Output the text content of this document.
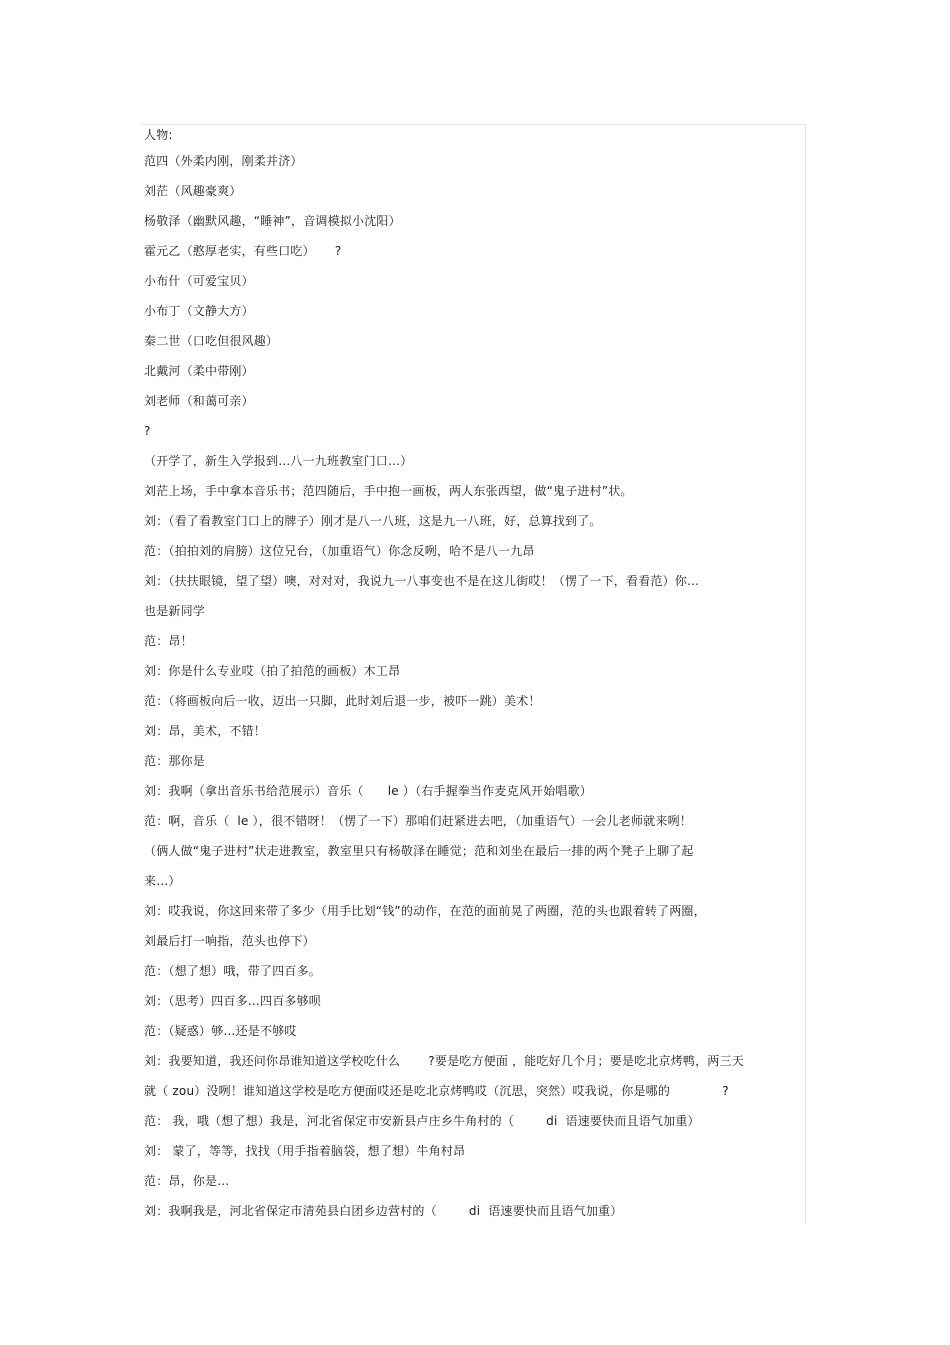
人物:
范四（外柔内刚，刚柔并济）
刘茫（风趣豪爽）
杨敬泽（幽默风趣，“睡神”，音调模拟小沈阳）
霍元乙（憨厚老实，有些口吃）     ?
小布什（可爱宝贝）
小布丁（文静大方）
秦二世（口吃但很风趣）
北戴河（柔中带刚）
刘老师（和蔼可亲）
?
（开学了，新生入学报到…八一九班教室门口…）
刘茫上场，手中拿本音乐书；范四随后，手中抱一画板，两人东张西望，做“鬼子进村”状。
刘：（看了看教室门口上的牌子）刚才是八一八班，这是九一八班，好，总算找到了。
范：（拍拍刘的肩膀）这位兄台，（加重语气）你念反咧，哈不是八一九昂
刘：（扶扶眼镜，望了望）噢，对对对，我说九一八事变也不是在这儿街哎！（愣了一下，看看范）你…
也是新同学
范：昂！
刘：你是什么专业哎（拍了拍范的画板）木工昂
范：（将画板向后一收，迈出一只脚，此时刘后退一步，被吓一跳）美术！
刘：昂，美术，不错！
范：那你是
刘：我啊（拿出音乐书给范展示）音乐（      le ）（右手握拳当作麦克风开始唱歌）
范：啊，音乐（  le ），很不错呀！（愣了一下）那咱们赶紧进去吧，（加重语气）一会儿老师就来咧！
（俩人做“鬼子进村”状走进教室，教室里只有杨敬泽在睡觉；范和刘坐在最后一排的两个凳子上聊了起
来…）
刘：哎我说，你这回来带了多少（用手比划“钱”的动作，在范的面前晃了两圈，范的头也跟着转了两圈，
刘最后打一响指，范头也停下）
范：（想了想）哦，带了四百多。
刘：（思考）四百多…四百多够呗
范：（疑惑）够…还是不够哎
刘：我要知道，我还问你昂谁知道这学校吃什么       ?要是吃方便面 ，能吃好几个月；要是吃北京烤鸭，两三天
就（ zou）没咧！谁知道这学校是吃方便面哎还是吃北京烤鸭哎（沉思，突然）哎我说，你是哪的             ?
范： 我，哦（想了想）我是，河北省保定市安新县卢庄乡牛角村的（        di  语速要快而且语气加重）
刘： 蒙了，等等，找找（用手指着脑袋，想了想）牛角村昂
范：昂，你是…
刘：我啊我是，河北省保定市清苑县白团乡边营村的（        di  语速要快而且语气加重）
